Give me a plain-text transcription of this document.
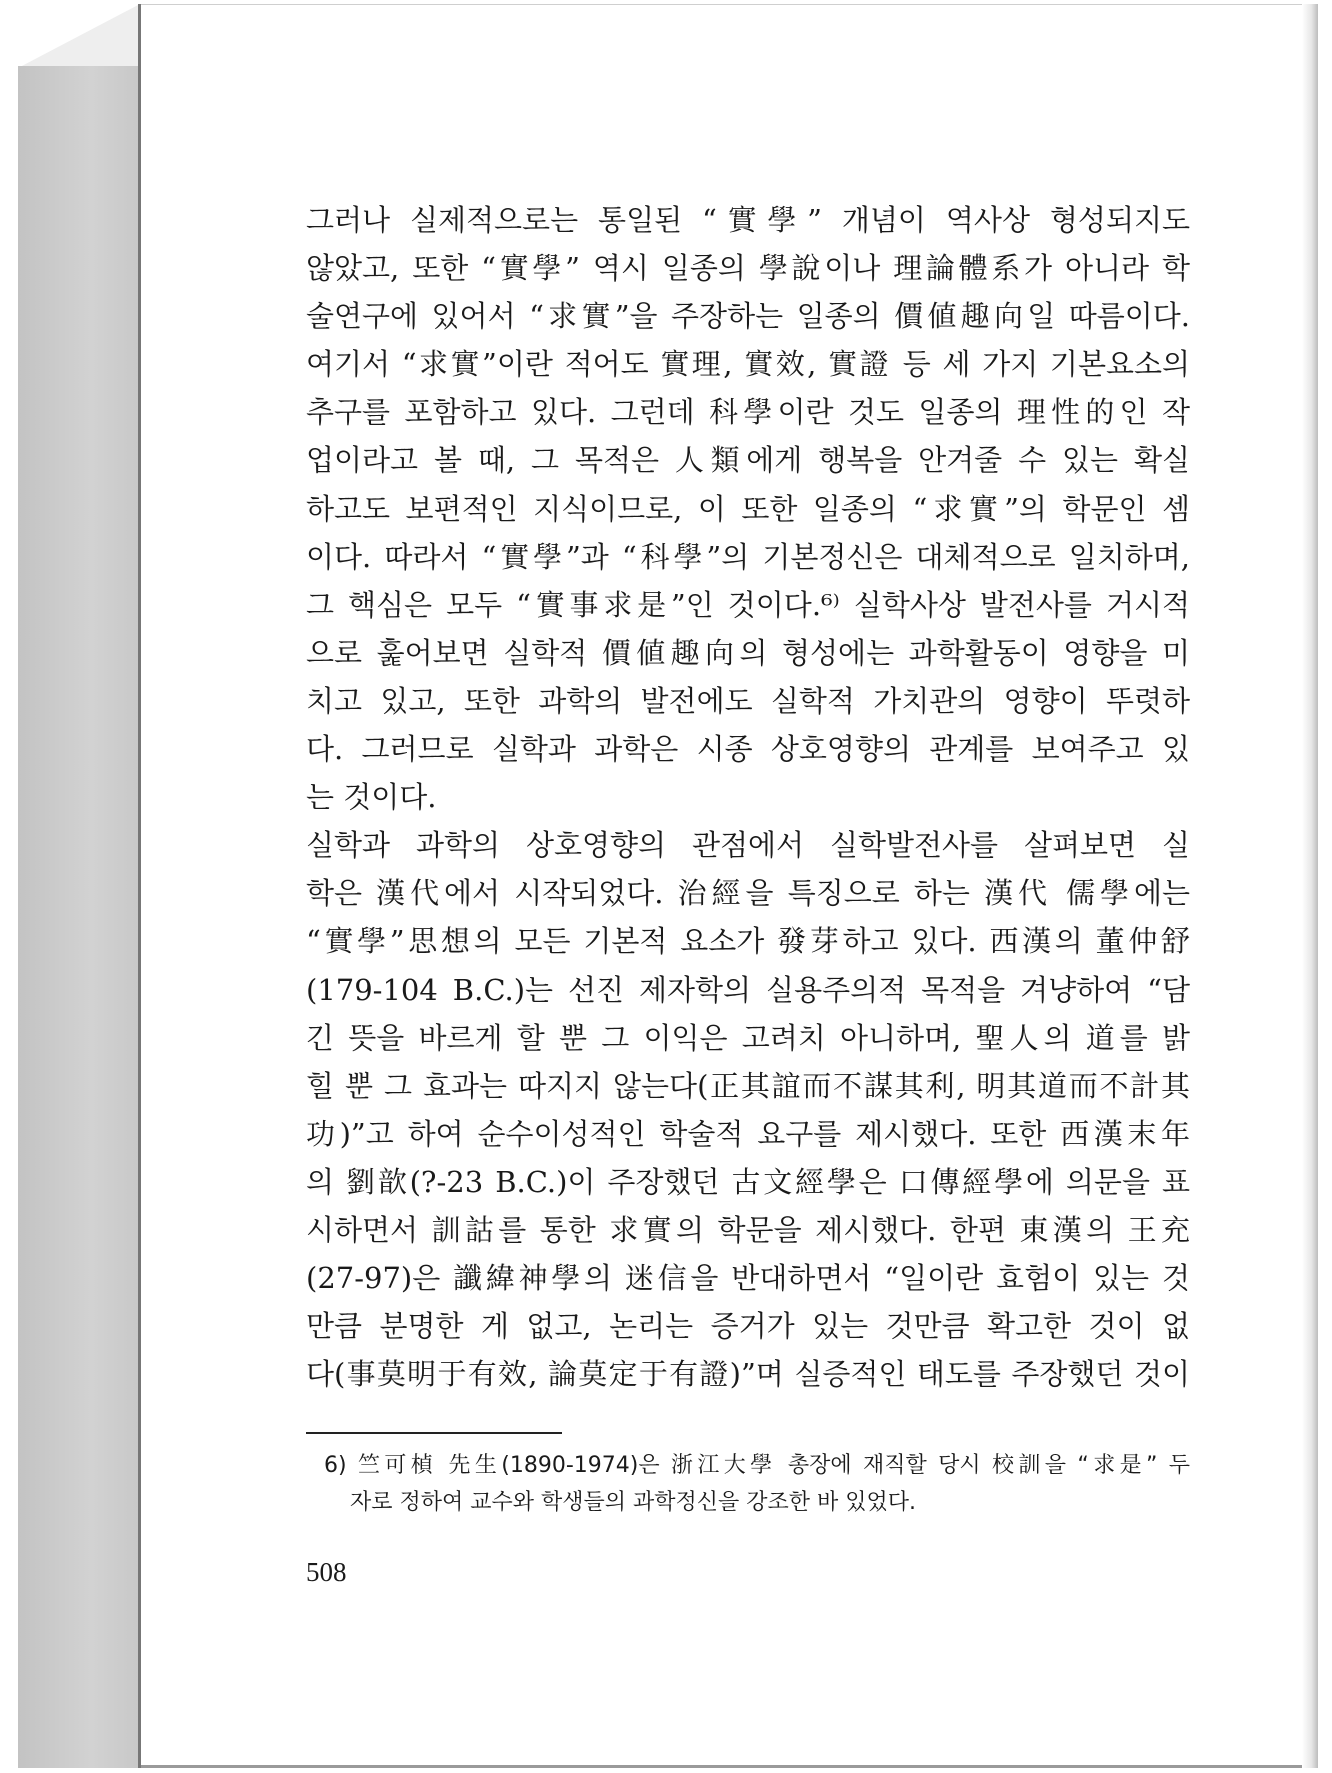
그러나 실제적으로는 통일된 “實學” 개념이 역사상 형성되지도
않았고, 또한 “實學” 역시 일종의 學說이나 理論體系가 아니라 학
술연구에 있어서 “求實”을 주장하는 일종의 價値趣向일 따름이다.
여기서 “求實”이란 적어도 實理, 實效, 實證 등 세 가지 기본요소의
추구를 포함하고 있다. 그런데 科學이란 것도 일종의 理性的인 작
업이라고 볼 때, 그 목적은 人類에게 행복을 안겨줄 수 있는 확실
하고도 보편적인 지식이므로, 이 또한 일종의 “求實”의 학문인 셈
이다. 따라서 “實學”과 “科學”의 기본정신은 대체적으로 일치하며,
그 핵심은 모두 “實事求是”인 것이다.⁶⁾ 실학사상 발전사를 거시적
으로 훑어보면 실학적 價値趣向의 형성에는 과학활동이 영향을 미
치고 있고, 또한 과학의 발전에도 실학적 가치관의 영향이 뚜렷하
다. 그러므로 실학과 과학은 시종 상호영향의 관계를 보여주고 있
는 것이다.
실학과 과학의 상호영향의 관점에서 실학발전사를 살펴보면 실
학은 漢代에서 시작되었다. 治經을 특징으로 하는 漢代 儒學에는
“實學”思想의 모든 기본적 요소가 發芽하고 있다. 西漢의 董仲舒
(179-104 B.C.)는 선진 제자학의 실용주의적 목적을 겨냥하여 “담
긴 뜻을 바르게 할 뿐 그 이익은 고려치 아니하며, 聖人의 道를 밝
힐 뿐 그 효과는 따지지 않는다(正其誼而不謀其利, 明其道而不計其
功)”고 하여 순수이성적인 학술적 요구를 제시했다. 또한 西漢末年
의 劉歆(?-23 B.C.)이 주장했던 古文經學은 口傳經學에 의문을 표
시하면서 訓詁를 통한 求實의 학문을 제시했다. 한편 東漢의 王充
(27-97)은 讖緯神學의 迷信을 반대하면서 “일이란 효험이 있는 것
만큼 분명한 게 없고, 논리는 증거가 있는 것만큼 확고한 것이 없
다(事莫明于有效, 論莫定于有證)”며 실증적인 태도를 주장했던 것이
6) 竺可楨 先生(1890-1974)은 浙江大學 총장에 재직할 당시 校訓을 “求是” 두
자로 정하여 교수와 학생들의 과학정신을 강조한 바 있었다.
508
